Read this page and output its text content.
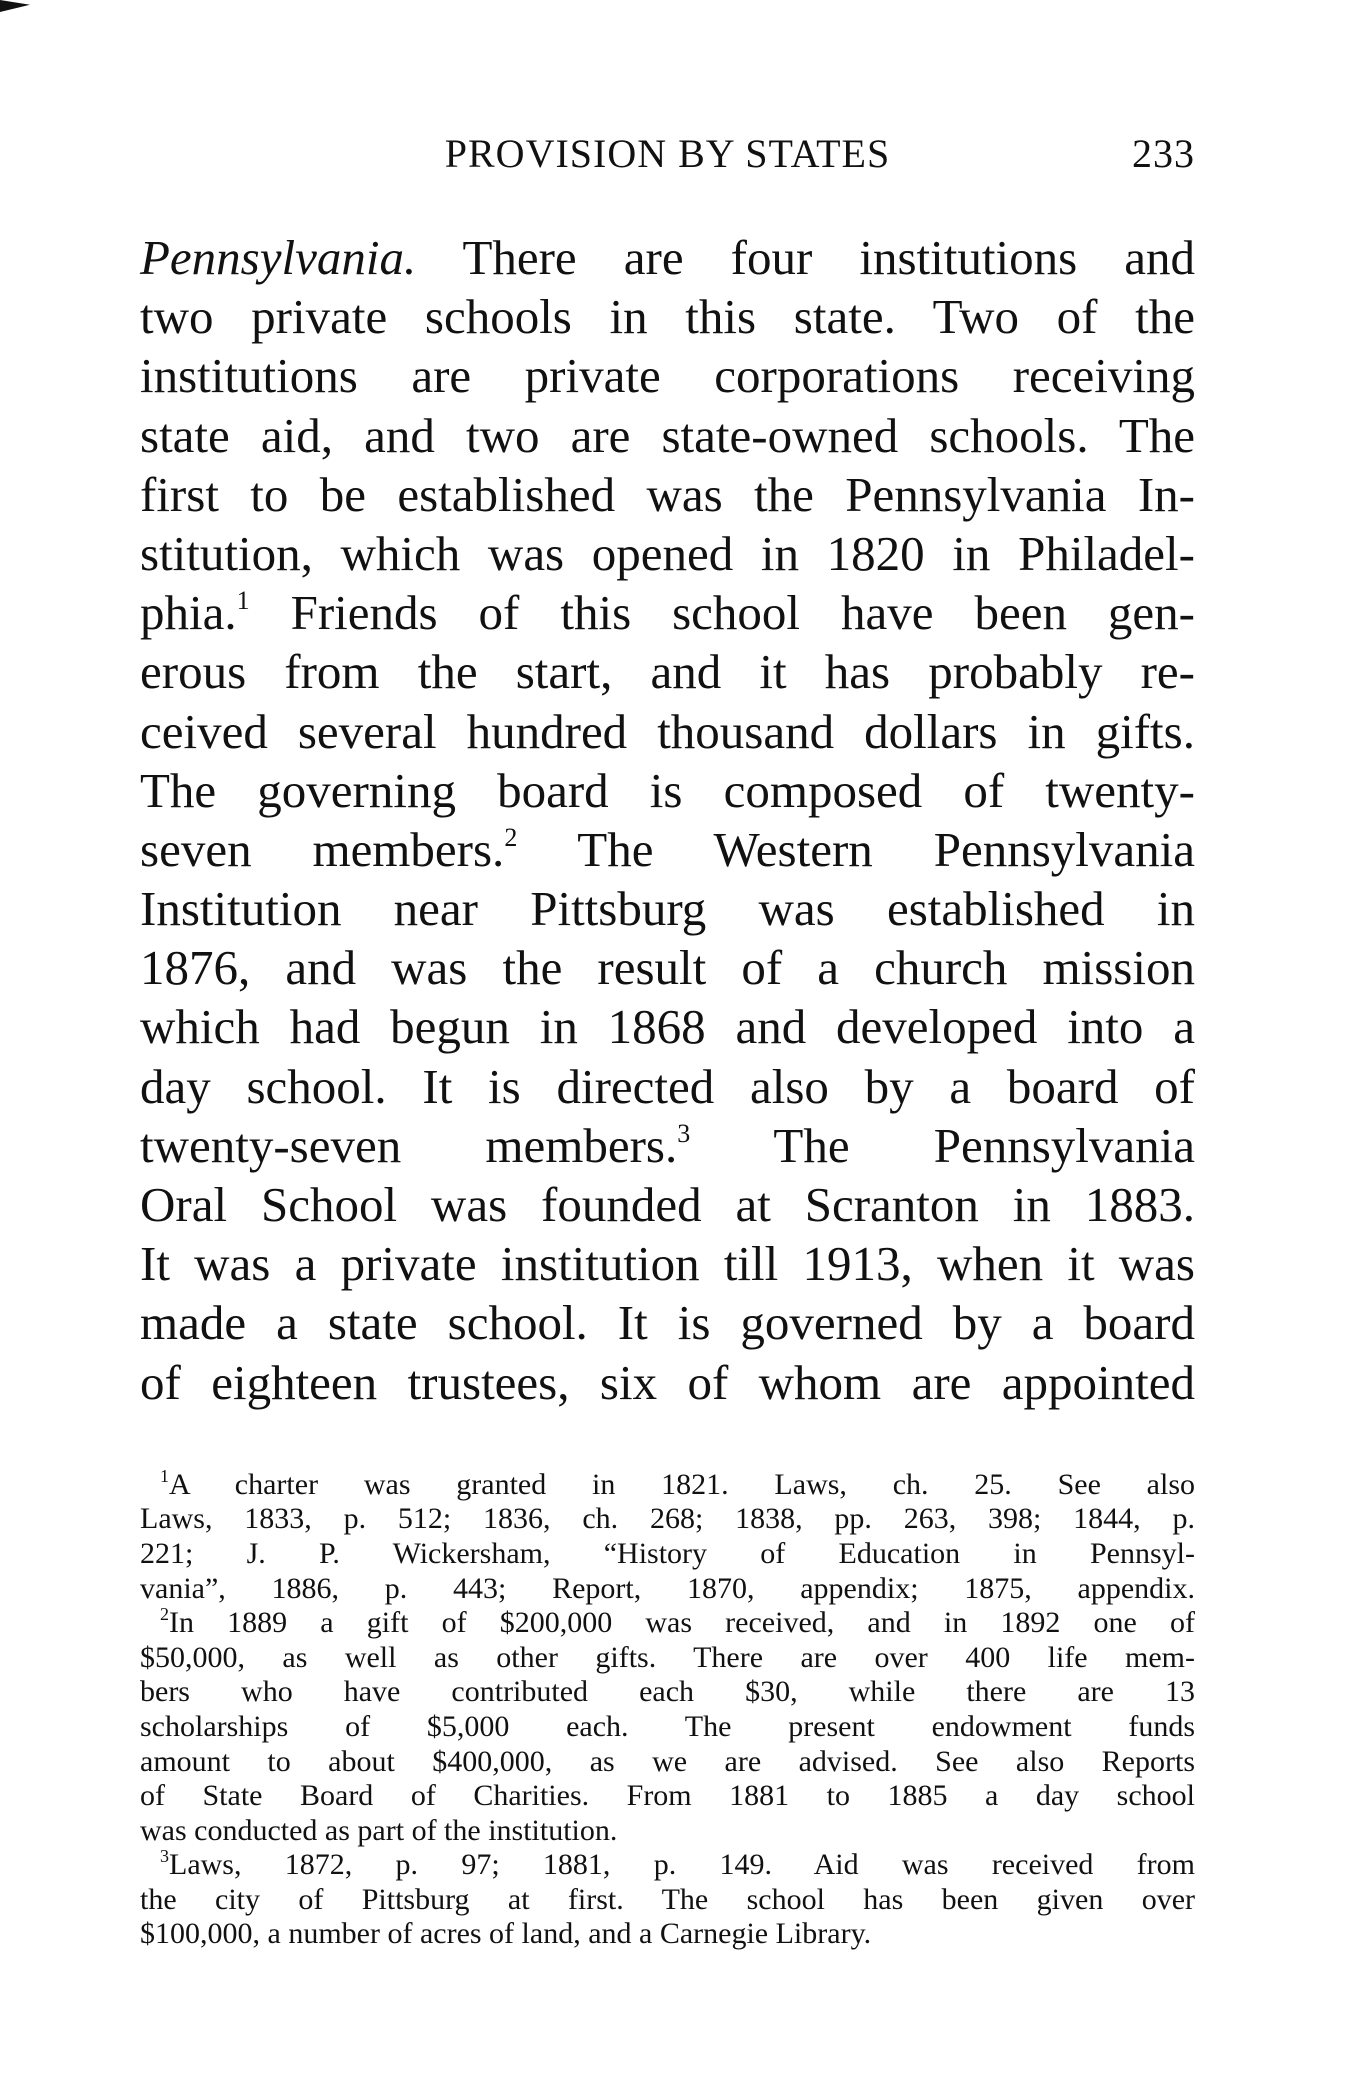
PROVISION BY STATES	233
Pennsylvania. There are four institutions and
two private schools in this state. Two of the
institutions are private corporations receiving
state aid, and two are state-owned schools. The
first to be established was the Pennsylvania In-
stitution, which was opened in 1820 in Philadel-
phia.$^1$ Friends of this school have been gen-
erous from the start, and it has probably re-
ceived several hundred thousand dollars in gifts.
The governing board is composed of twenty-
seven members.$^2$ The Western Pennsylvania
Institution near Pittsburg was established in
1876, and was the result of a church mission
which had begun in 1868 and developed into a
day school. It is directed also by a board of
twenty-seven members.$^3$ The Pennsylvania
Oral School was founded at Scranton in 1883.
It was a private institution till 1913, when it was
made a state school. It is governed by a board
of eighteen trustees, six of whom are appointed
$^1$A charter was granted in 1821. Laws, ch. 25. See also
Laws, 1833, p. 512; 1836, ch. 268; 1838, pp. 263, 398; 1844, p.
221; J. P. Wickersham, “History of Education in Pennsyl-
vania”, 1886, p. 443; Report, 1870, appendix; 1875, appendix.
$^2$In 1889 a gift of $200,000 was received, and in 1892 one of
$50,000, as well as other gifts. There are over 400 life mem-
bers who have contributed each $30, while there are 13
scholarships of $5,000 each. The present endowment funds
amount to about $400,000, as we are advised. See also Reports
of State Board of Charities. From 1881 to 1885 a day school
was conducted as part of the institution.
$^3$Laws, 1872, p. 97; 1881, p. 149. Aid was received from
the city of Pittsburg at first. The school has been given over
$100,000, a number of acres of land, and a Carnegie Library.
